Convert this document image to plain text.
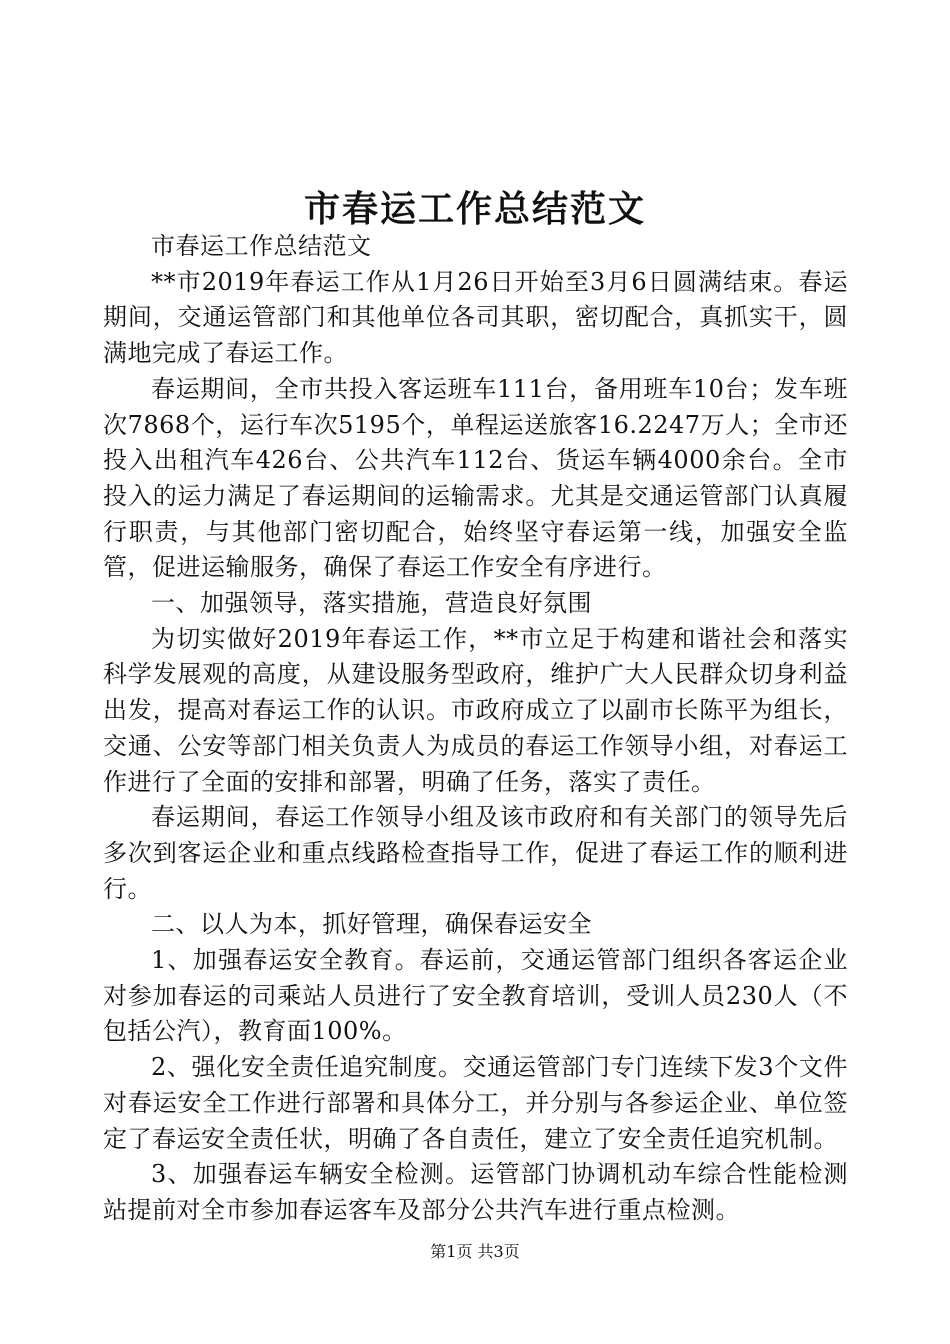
市春运工作总结范文

市春运工作总结范文

**市2019年春运工作从1月26日开始至3月6日圆满结束。春运期间，交通运管部门和其他单位各司其职，密切配合，真抓实干，圆满地完成了春运工作。

春运期间，全市共投入客运班车111台，备用班车10台；发车班次7868个，运行车次5195个，单程运送旅客16.2247万人；全市还投入出租汽车426台、公共汽车112台、货运车辆4000余台。全市投入的运力满足了春运期间的运输需求。尤其是交通运管部门认真履行职责，与其他部门密切配合，始终坚守春运第一线，加强安全监管，促进运输服务，确保了春运工作安全有序进行。

一、加强领导，落实措施，营造良好氛围

为切实做好2019年春运工作，**市立足于构建和谐社会和落实科学发展观的高度，从建设服务型政府，维护广大人民群众切身利益出发，提高对春运工作的认识。市政府成立了以副市长陈平为组长，交通、公安等部门相关负责人为成员的春运工作领导小组，对春运工作进行了全面的安排和部署，明确了任务，落实了责任。

春运期间，春运工作领导小组及该市政府和有关部门的领导先后多次到客运企业和重点线路检查指导工作，促进了春运工作的顺利进行。

二、以人为本，抓好管理，确保春运安全

1、加强春运安全教育。春运前，交通运管部门组织各客运企业对参加春运的司乘站人员进行了安全教育培训，受训人员230人（不包括公汽），教育面100%。

2、强化安全责任追究制度。交通运管部门专门连续下发3个文件对春运安全工作进行部署和具体分工，并分别与各参运企业、单位签定了春运安全责任状，明确了各自责任，建立了安全责任追究机制。

3、加强春运车辆安全检测。运管部门协调机动车综合性能检测站提前对全市参加春运客车及部分公共汽车进行重点检测。

第1页 共3页
